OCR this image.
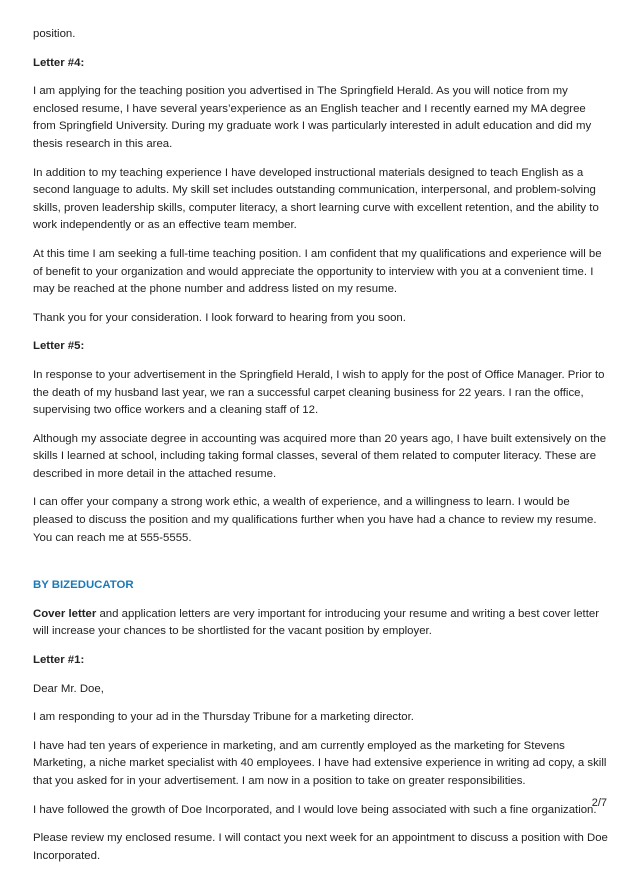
position.

Letter #4:

I am applying for the teaching position you advertised in The Springfield Herald. As you will notice from my enclosed resume, I have several years’experience as an English teacher and I recently earned my MA degree from Springfield University. During my graduate work I was particularly interested in adult education and did my thesis research in this area.

In addition to my teaching experience I have developed instructional materials designed to teach English as a second language to adults. My skill set includes outstanding communication, interpersonal, and problem-solving skills, proven leadership skills, computer literacy, a short learning curve with excellent retention, and the ability to work independently or as an effective team member.

At this time I am seeking a full-time teaching position. I am confident that my qualifications and experience will be of benefit to your organization and would appreciate the opportunity to interview with you at a convenient time. I may be reached at the phone number and address listed on my resume.

Thank you for your consideration. I look forward to hearing from you soon.

Letter #5:

In response to your advertisement in the Springfield Herald, I wish to apply for the post of Office Manager. Prior to the death of my husband last year, we ran a successful carpet cleaning business for 22 years. I ran the office, supervising two office workers and a cleaning staff of 12.

Although my associate degree in accounting was acquired more than 20 years ago, I have built extensively on the skills I learned at school, including taking formal classes, several of them related to computer literacy. These are described in more detail in the attached resume.

I can offer your company a strong work ethic, a wealth of experience, and a willingness to learn. I would be pleased to discuss the position and my qualifications further when you have had a chance to review my resume. You can reach me at 555-5555.

BY BIZEDUCATOR

Cover letter and application letters are very important for introducing your resume and writing a best cover letter will increase your chances to be shortlisted for the vacant position by employer.

Letter #1:

Dear Mr. Doe,

I am responding to your ad in the Thursday Tribune for a marketing director.

I have had ten years of experience in marketing, and am currently employed as the marketing for Stevens Marketing, a niche market specialist with 40 employees. I have had extensive experience in writing ad copy, a skill that you asked for in your advertisement. I am now in a position to take on greater responsibilities.

I have followed the growth of Doe Incorporated, and I would love being associated with such a fine organization.

Please review my enclosed resume. I will contact you next week for an appointment to discuss a position with Doe Incorporated.

2/7
